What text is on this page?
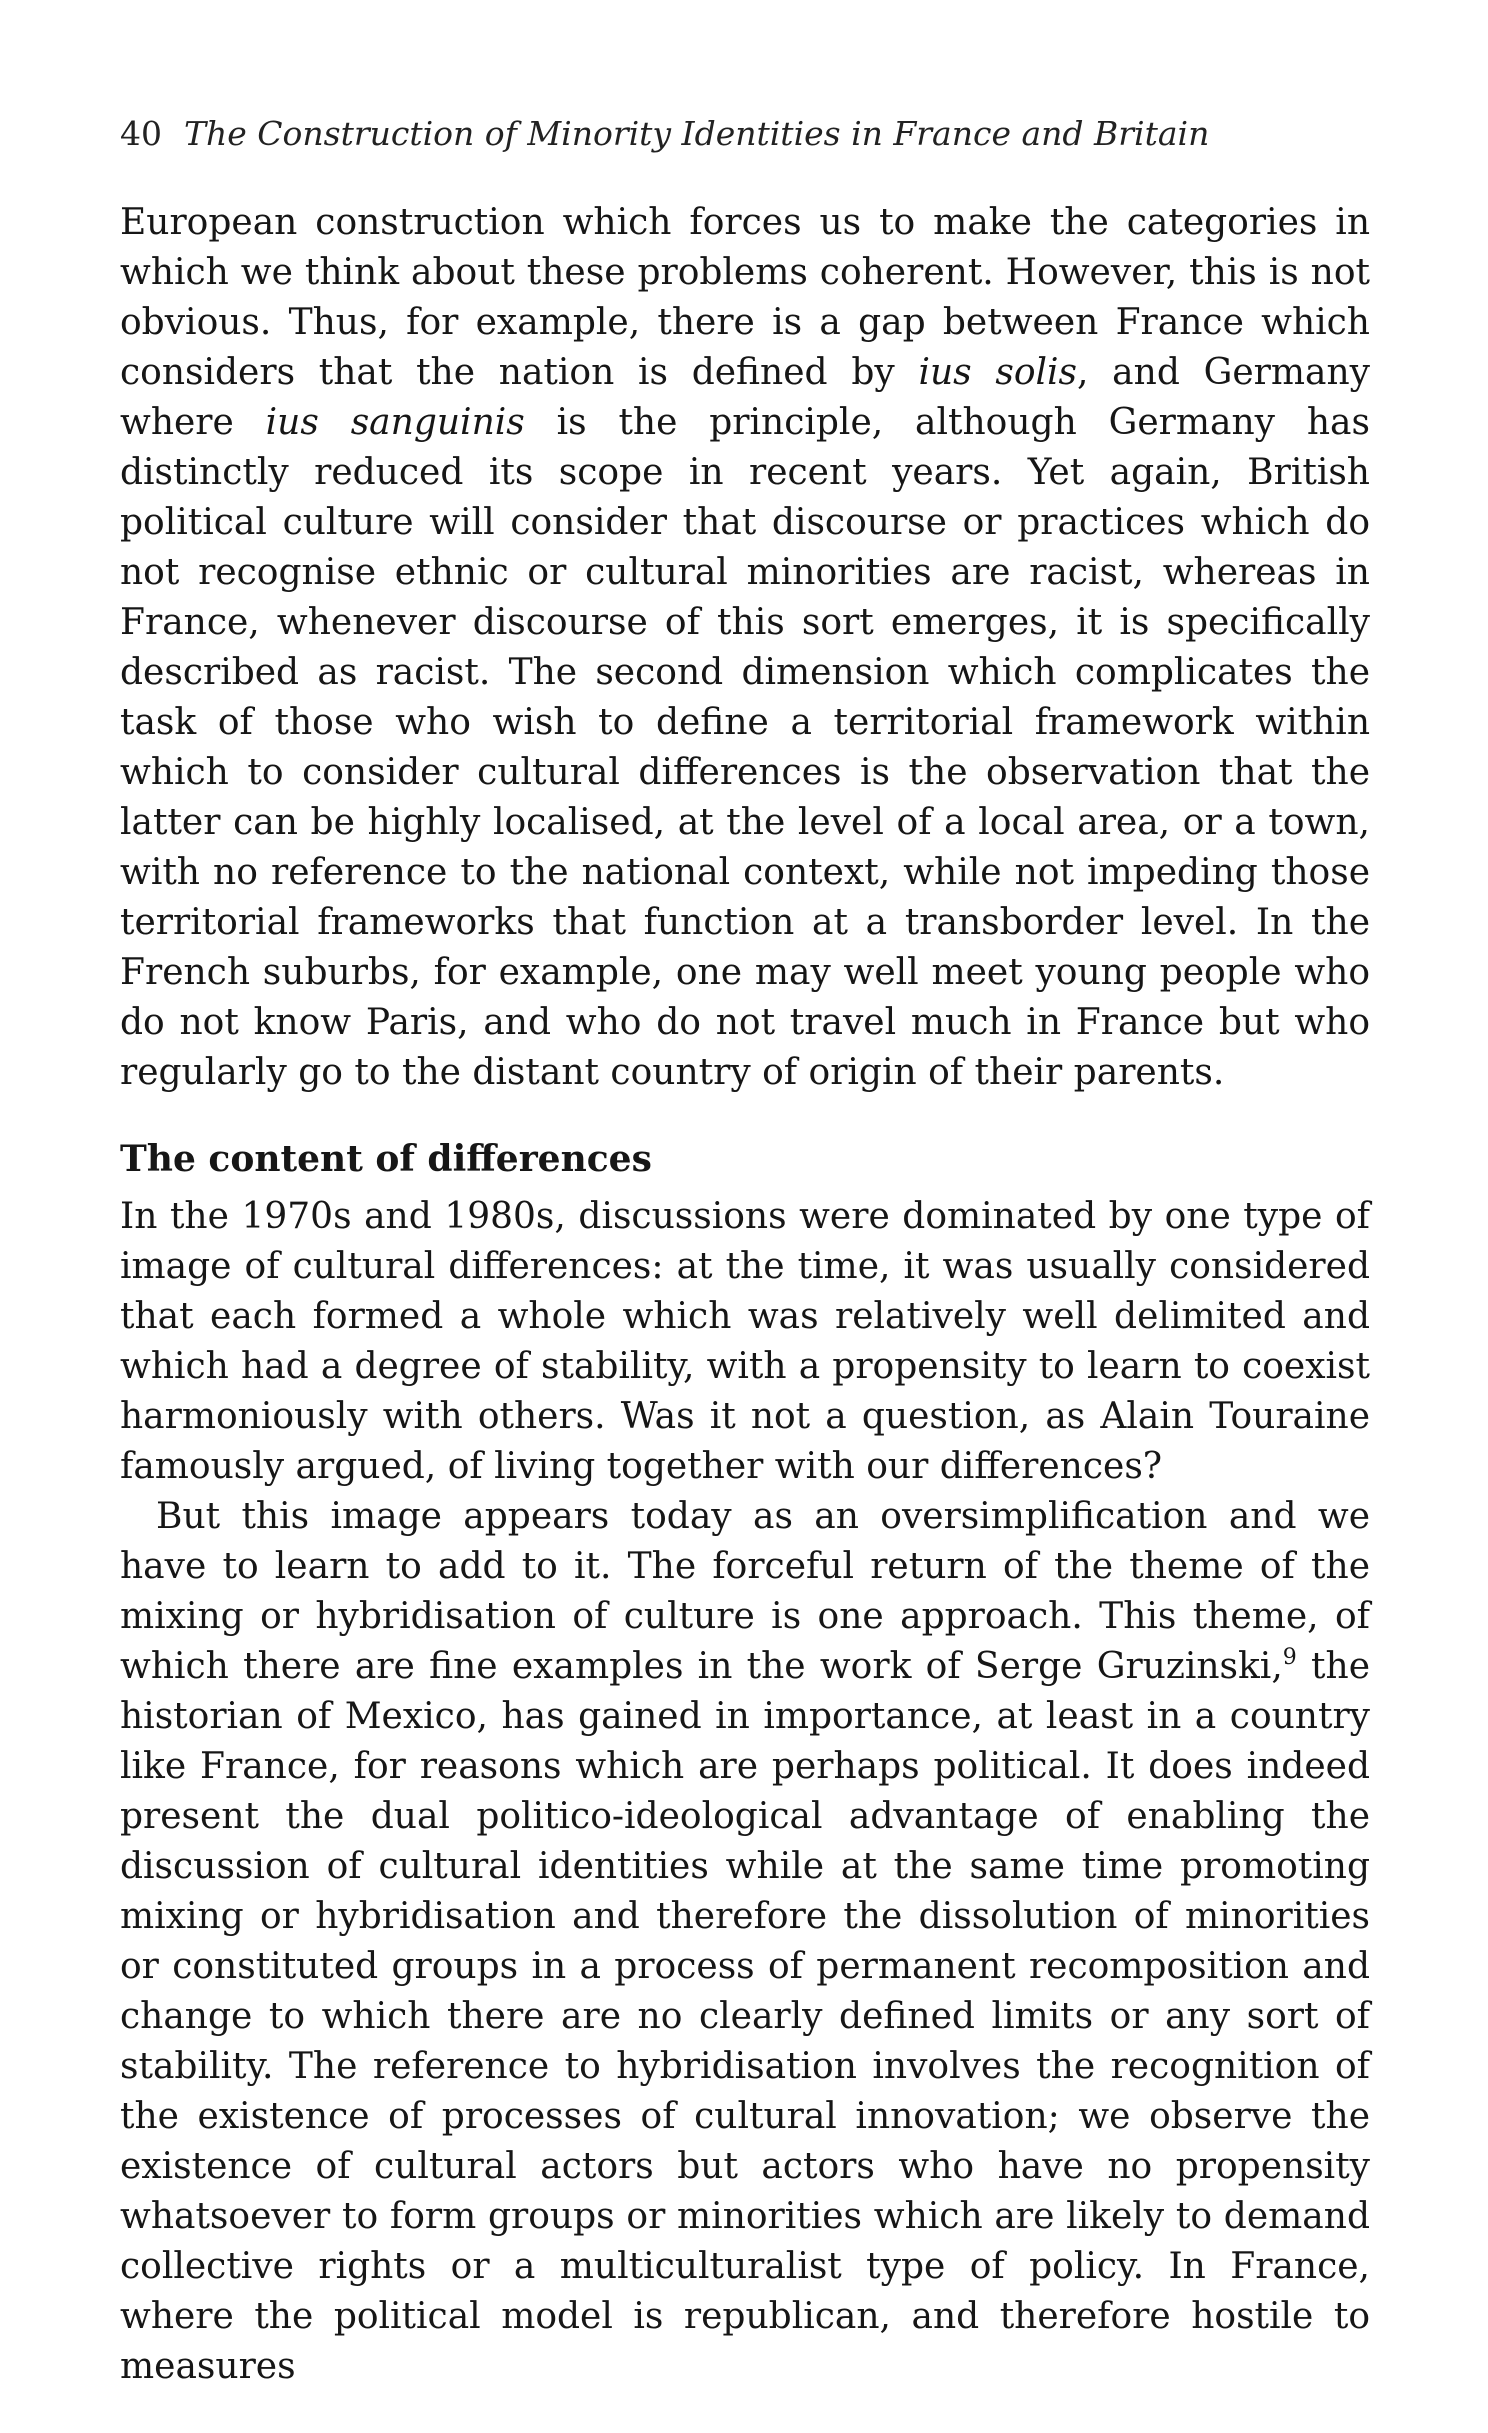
40 The Construction of Minority Identities in France and Britain

European construction which forces us to make the categories in which we think about these problems coherent. However, this is not obvious. Thus, for example, there is a gap between France which considers that the nation is defined by ius solis, and Germany where ius sanguinis is the principle, although Germany has distinctly reduced its scope in recent years. Yet again, British political culture will consider that discourse or practices which do not recognise ethnic or cultural minorities are racist, whereas in France, whenever discourse of this sort emerges, it is specifically described as racist. The second dimension which complicates the task of those who wish to define a territorial framework within which to consider cultural differences is the observation that the latter can be highly localised, at the level of a local area, or a town, with no reference to the national context, while not impeding those territorial frameworks that function at a transborder level. In the French suburbs, for example, one may well meet young people who do not know Paris, and who do not travel much in France but who regularly go to the distant country of origin of their parents.

The content of differences

In the 1970s and 1980s, discussions were dominated by one type of image of cultural differences: at the time, it was usually considered that each formed a whole which was relatively well delimited and which had a degree of stability, with a propensity to learn to coexist harmoniously with others. Was it not a question, as Alain Touraine famously argued, of living together with our differences?

But this image appears today as an oversimplification and we have to learn to add to it. The forceful return of the theme of the mixing or hybridisation of culture is one approach. This theme, of which there are fine examples in the work of Serge Gruzinski,$^9$ the historian of Mexico, has gained in importance, at least in a country like France, for reasons which are perhaps political. It does indeed present the dual politico-ideological advantage of enabling the discussion of cultural identities while at the same time promoting mixing or hybridisation and therefore the dissolution of minorities or constituted groups in a process of permanent recomposition and change to which there are no clearly defined limits or any sort of stability. The reference to hybridisation involves the recognition of the existence of processes of cultural innovation; we observe the existence of cultural actors but actors who have no propensity whatsoever to form groups or minorities which are likely to demand collective rights or a multiculturalist type of policy. In France, where the political model is republican, and therefore hostile to measures
